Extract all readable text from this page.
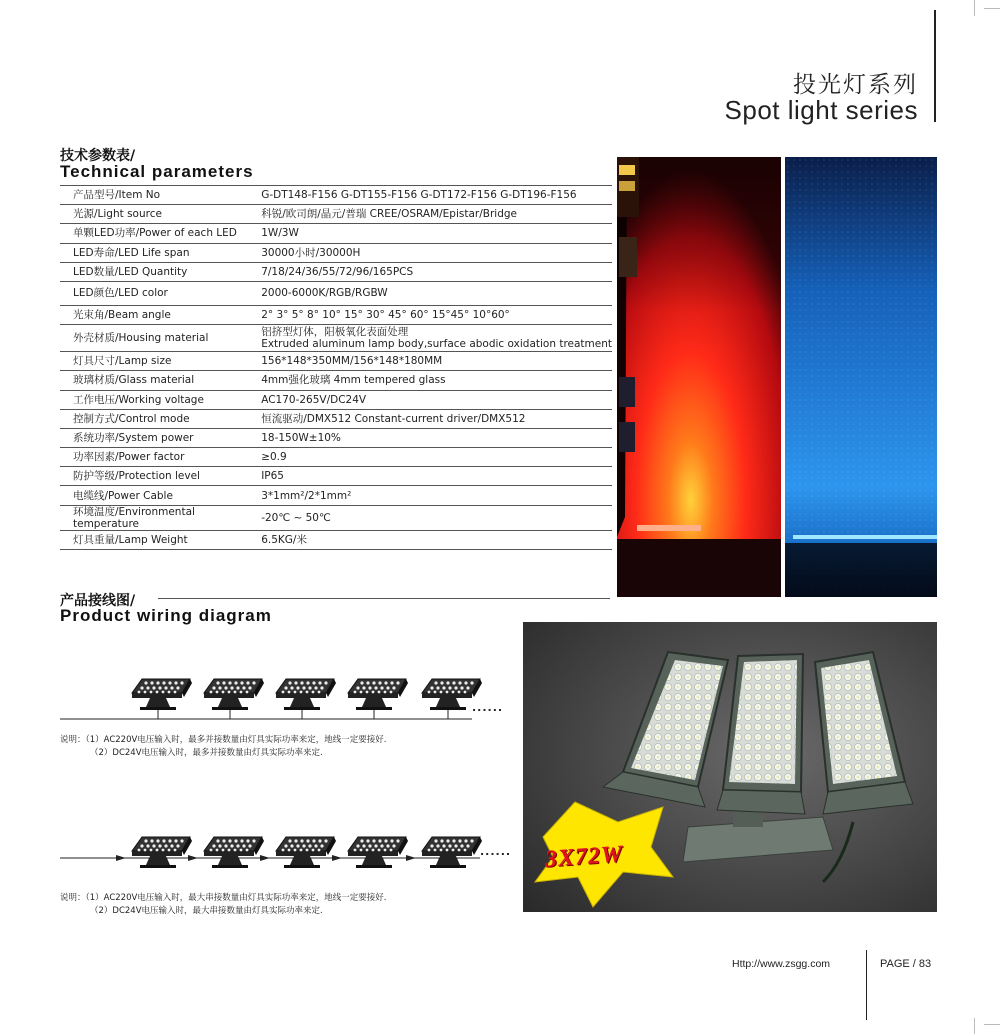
投光灯系列
Spot light series
技术参数表/
Technical parameters
产品型号/Item No	G-DT148-F156 G-DT155-F156 G-DT172-F156 G-DT196-F156
光源/Light source	科锐/欧司朗/晶元/普瑞 CREE/OSRAM/Epistar/Bridge
单颗LED功率/Power of each LED	1W/3W
LED寿命/LED Life span	30000小时/30000H
LED数量/LED Quantity	7/18/24/36/55/72/96/165PCS
LED颜色/LED color	2000-6000K/RGB/RGBW
光束角/Beam angle	2° 3° 5° 8° 10° 15° 30° 45° 60° 15°45° 10°60°
外壳材质/Housing material	铝挤型灯体，阳极氧化表面处理
Extruded aluminum lamp body,surface abodic oxidation treatment

灯具尺寸/Lamp size	156*148*350MM/156*148*180MM
玻璃材质/Glass material	4mm强化玻璃 4mm tempered glass
工作电压/Working voltage	AC170-265V/DC24V
控制方式/Control mode	恒流驱动/DMX512 Constant-current driver/DMX512
系统功率/System power	18-150W±10%
功率因素/Power factor	≥0.9
防护等级/Protection level	IP65
电缆线/Power Cable	3*1mm²/2*1mm²
环境温度/Environmental temperature	-20℃ ~ 50℃
灯具重量/Lamp Weight	6.5KG/米
产品接线图/
Product wiring diagram
......
说明：（1）AC220V电压输入时，最多并接数量由灯具实际功率来定，地线一定要接好.
（2）DC24V电压输入时，最多并接数量由灯具实际功率来定.
......
说明：（1）AC220V电压输入时，最大串接数量由灯具实际功率来定，地线一定要接好.
（2）DC24V电压输入时，最大串接数量由灯具实际功率来定.
3X72W
Http://www.zsgg.com	PAGE / 83
